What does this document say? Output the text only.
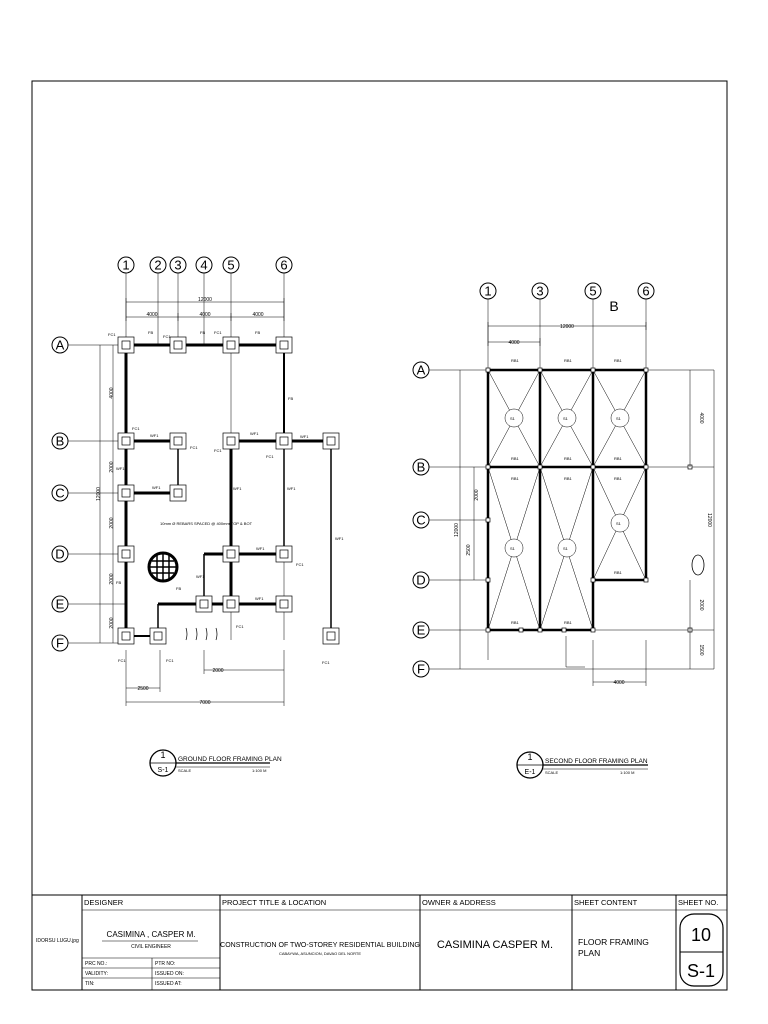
1 2 3 4 5	6
A
B
C
D
E
F
12000
4000	4000	4000
12000
4000
2000
2000
2000
2000
10mm Ø REBARS SPACED @ 400mm TOP & BOT
FC1	FB
FC1
FB FC1	FB
FB
FC1
WF1
FC1
FC1
WF1
FC1
WF1
WF1
WF1	WF1	WF1
WF1
WF1
FC1
WF1
FB
FB
WF1
FC1
FC1	FC1	FC1
2500
2000
7000
1
S-1
GROUND FLOOR FRAMING PLAN
SCALE	1:100 M
1	3	5	6
B
A
B
C
D
E
F
12000
4000
RB1	RB1	RB1
RB1	RB1	RB1
RB1	RB1	RB1
RB1
RB1	RB1
S1	S1	S1
S1	S1
S1
4000
12000
2000
1500
12000
2000
2500
4000
1
E-1
SECOND FLOOR FRAMING PLAN
SCALE	1:100 M
IDORSU LUGU.jpg
DESIGNER
CASIMINA , CASPER M.
CIVIL ENGINEER
PRC NO.:
VALIDITY:
TIN:
PTR NO:
ISSUED ON:
ISSUED AT:
PROJECT TITLE & LOCATION
CONSTRUCTION OF TWO-STOREY RESIDENTIAL BUILDING
CABAYWA, ASUNCION, DAVAO DEL NORTE
OWNER & ADDRESS
CASIMINA CASPER M.
SHEET CONTENT
FLOOR FRAMING
PLAN
SHEET NO.
10
S-1
